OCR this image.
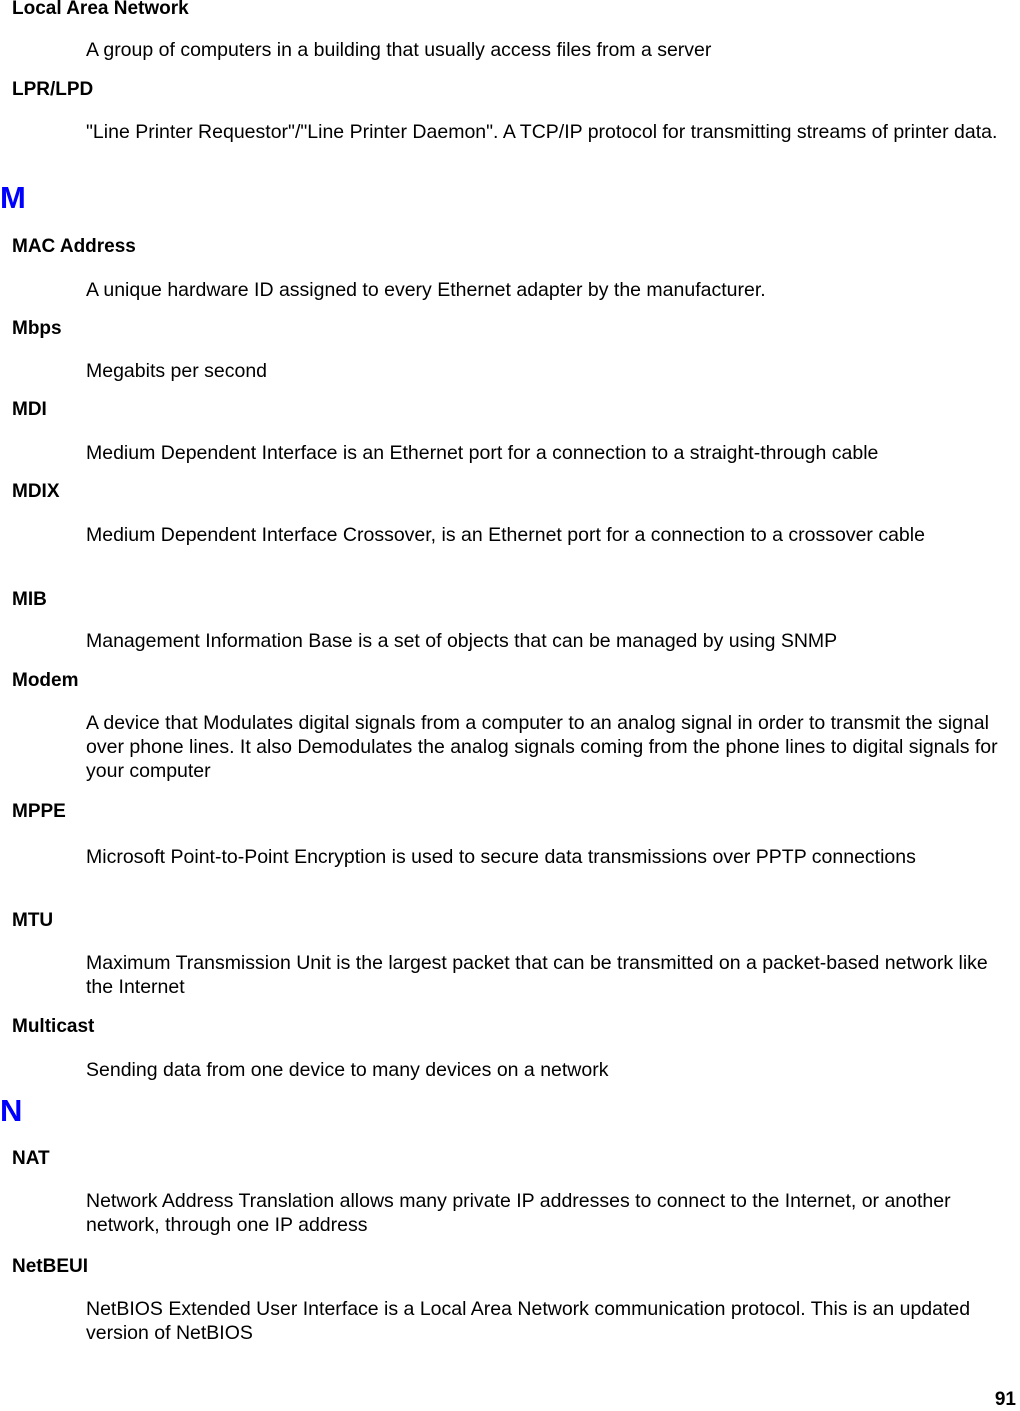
Local Area Network

A group of computers in a building that usually access files from a server

LPR/LPD

"Line Printer Requestor"/"Line Printer Daemon". A TCP/IP protocol for transmitting streams of printer data.

M

MAC Address

A unique hardware ID assigned to every Ethernet adapter by the manufacturer.

Mbps

Megabits per second

MDI

Medium Dependent Interface is an Ethernet port for a connection to a straight-through cable

MDIX

Medium Dependent Interface Crossover, is an Ethernet port for a connection to a crossover cable

MIB

Management Information Base is a set of objects that can be managed by using SNMP

Modem

A device that Modulates digital signals from a computer to an analog signal in order to transmit the signal over phone lines. It also Demodulates the analog signals coming from the phone lines to digital signals for your computer

MPPE

Microsoft Point-to-Point Encryption is used to secure data transmissions over PPTP connections

MTU

Maximum Transmission Unit is the largest packet that can be transmitted on a packet-based network like the Internet

Multicast

Sending data from one device to many devices on a network

N

NAT

Network Address Translation allows many private IP addresses to connect to the Internet, or another network, through one IP address

NetBEUI

NetBIOS Extended User Interface is a Local Area Network communication protocol. This is an updated version of NetBIOS

91
